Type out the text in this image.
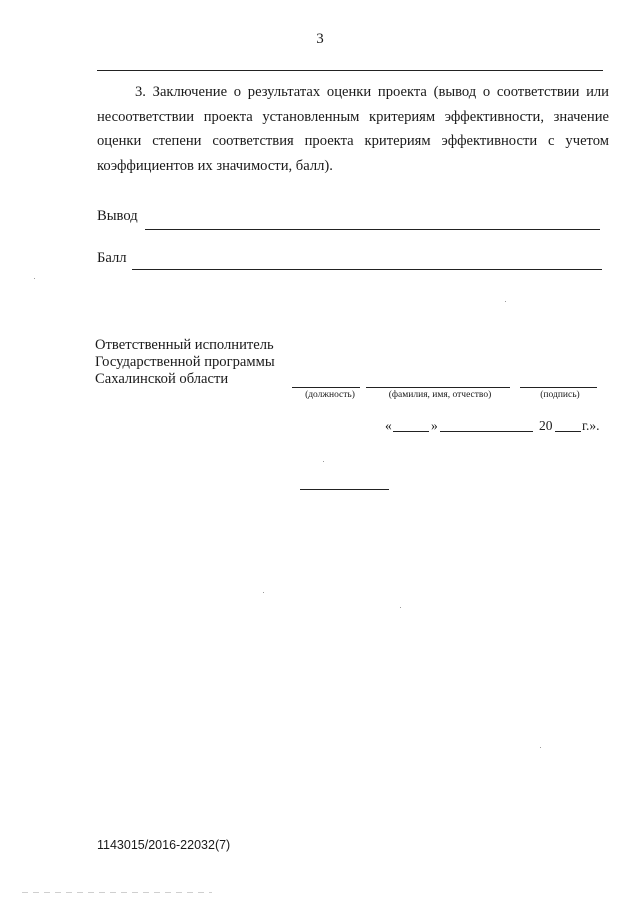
3
3. Заключение о результатах оценки проекта (вывод о соответствии или несоответствии проекта установленным критериям эффективности, значение оценки степени соответствия проекта критериям эффективности с учетом коэффициентов их значимости, балл).
Вывод
Балл
Ответственный исполнитель
Государственной программы
Сахалинской области
(должность)	(фамилия, имя, отчество)	(подпись)
«	»	20 г.».
1143015/2016-22032(7)
